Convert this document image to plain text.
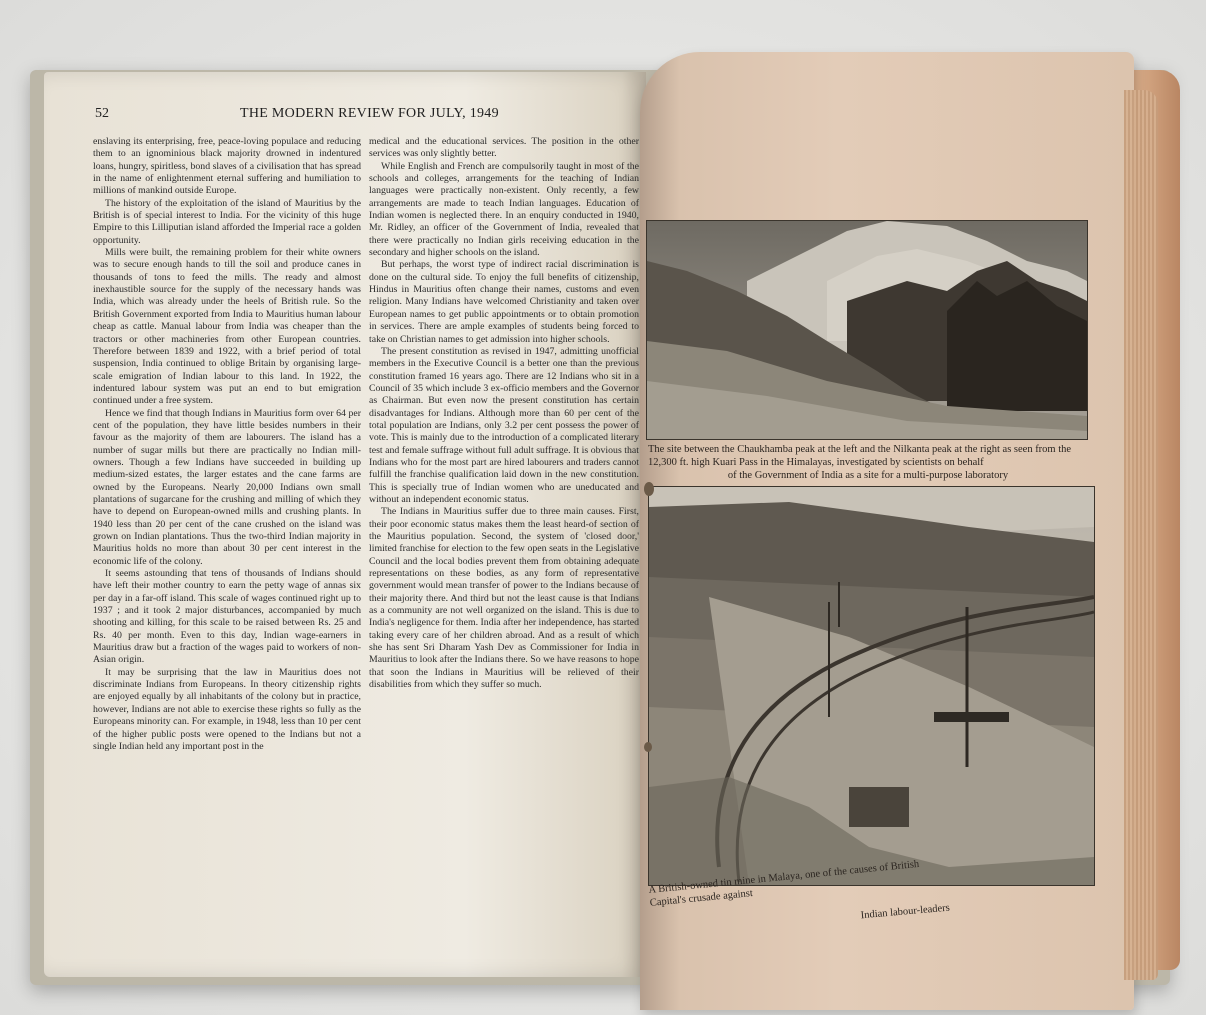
52	THE MODERN REVIEW FOR JULY, 1949

enslaving its enterprising, free, peace-loving populace and reducing them to an ignominious black majority drowned in indentured loans, hungry, spiritless, bond slaves of a civilisation that has spread in the name of enlightenment eternal suffering and humiliation to millions of mankind outside Europe.

The history of the exploitation of the island of Mauritius by the British is of special interest to India. For the vicinity of this huge Empire to this Lilliputian island afforded the Imperial race a golden opportunity.

Mills were built, the remaining problem for their white owners was to secure enough hands to till the soil and produce canes in thousands of tons to feed the mills. The ready and almost inexhaustible source for the supply of the necessary hands was India, which was already under the heels of British rule. So the British Government exported from India to Mauritius human labour cheap as cattle. Manual labour from India was cheaper than the tractors or other machineries from other European countries. Therefore between 1839 and 1922, with a brief period of total suspension, India continued to oblige Britain by organising large-scale emigration of Indian labour to this land. In 1922, the indentured labour system was put an end to but emigration continued under a free system.

Hence we find that though Indians in Mauritius form over 64 per cent of the population, they have little besides numbers in their favour as the majority of them are labourers. The island has a number of sugar mills but there are practically no Indian mill-owners. Though a few Indians have succeeded in building up medium-sized estates, the larger estates and the cane farms are owned by the Europeans. Nearly 20,000 Indians own small plantations of sugarcane for the crushing and milling of which they have to depend on European-owned mills and crushing plants. In 1940 less than 20 per cent of the cane crushed on the island was grown on Indian plantations. Thus the two-third Indian majority in Mauritius holds no more than about 30 per cent interest in the economic life of the colony.

It seems astounding that tens of thousands of Indians should have left their mother country to earn the petty wage of annas six per day in a far-off island. This scale of wages continued right up to 1937 ; and it took 2 major disturbances, accompanied by much shooting and killing, for this scale to be raised between Rs. 25 and Rs. 40 per month. Even to this day, Indian wage-earners in Mauritius draw but a fraction of the wages paid to workers of non-Asian origin.

It may be surprising that the law in Mauritius does not discriminate Indians from Europeans. In theory citizenship rights are enjoyed equally by all inhabitants of the colony but in practice, however, Indians are not able to exercise these rights so fully as the Europeans minority can. For example, in 1948, less than 10 per cent of the higher public posts were opened to the Indians but not a single Indian held any important post in the

medical and the educational services. The position in the other services was only slightly better.

While English and French are compulsorily taught in most of the schools and colleges, arrangements for the teaching of Indian languages were practically non-existent. Only recently, a few arrangements are made to teach Indian languages. Education of Indian women is neglected there. In an enquiry conducted in 1940, Mr. Ridley, an officer of the Government of India, revealed that there were practically no Indian girls receiving education in the secondary and higher schools on the island.

But perhaps, the worst type of indirect racial discrimination is done on the cultural side. To enjoy the full benefits of citizenship, Hindus in Mauritius often change their names, customs and even religion. Many Indians have welcomed Christianity and taken over European names to get public appointments or to obtain promotion in services. There are ample examples of students being forced to take on Christian names to get admission into higher schools.

The present constitution as revised in 1947, admitting unofficial members in the Executive Council is a better one than the previous constitution framed 16 years ago. There are 12 Indians who sit in a Council of 35 which include 3 ex-officio members and the Governor as Chairman. But even now the present constitution has certain disadvantages for Indians. Although more than 60 per cent of the total population are Indians, only 3.2 per cent possess the power of vote. This is mainly due to the introduction of a complicated literary test and female suffrage without full adult suffrage. It is obvious that Indians who for the most part are hired labourers and traders cannot fulfill the franchise qualification laid down in the new constitution. This is specially true of Indian women who are uneducated and without an independent economic status.

The Indians in Mauritius suffer due to three main causes. First, their poor economic status makes them the least heard-of section of the Mauritius population. Second, the system of 'closed door,' limited franchise for election to the few open seats in the Legislative Council and the local bodies prevent them from obtaining adequate representations on these bodies, as any form of representative government would mean transfer of power to the Indians because of their majority there. And third but not the least cause is that Indians as a community are not well organized on the island. This is due to India's negligence for them. India after her independence, has started taking every care of her children abroad. And as a result of which she has sent Sri Dharam Yash Dev as Commissioner for India in Mauritius to look after the Indians there. So we have reasons to hope that soon the Indians in Mauritius will be relieved of their disabilities from which they suffer so much.

The site between the Chaukhamba peak at the left and the Nilkanta peak at the right as seen from the 12,300 ft. high Kuari Pass in the Himalayas, investigated by scientists on behalf
of the Government of India as a site for a multi-purpose laboratory
A British-owned tin mine in Malaya, one of the causes of British Capital's crusade against
Indian labour-leaders
